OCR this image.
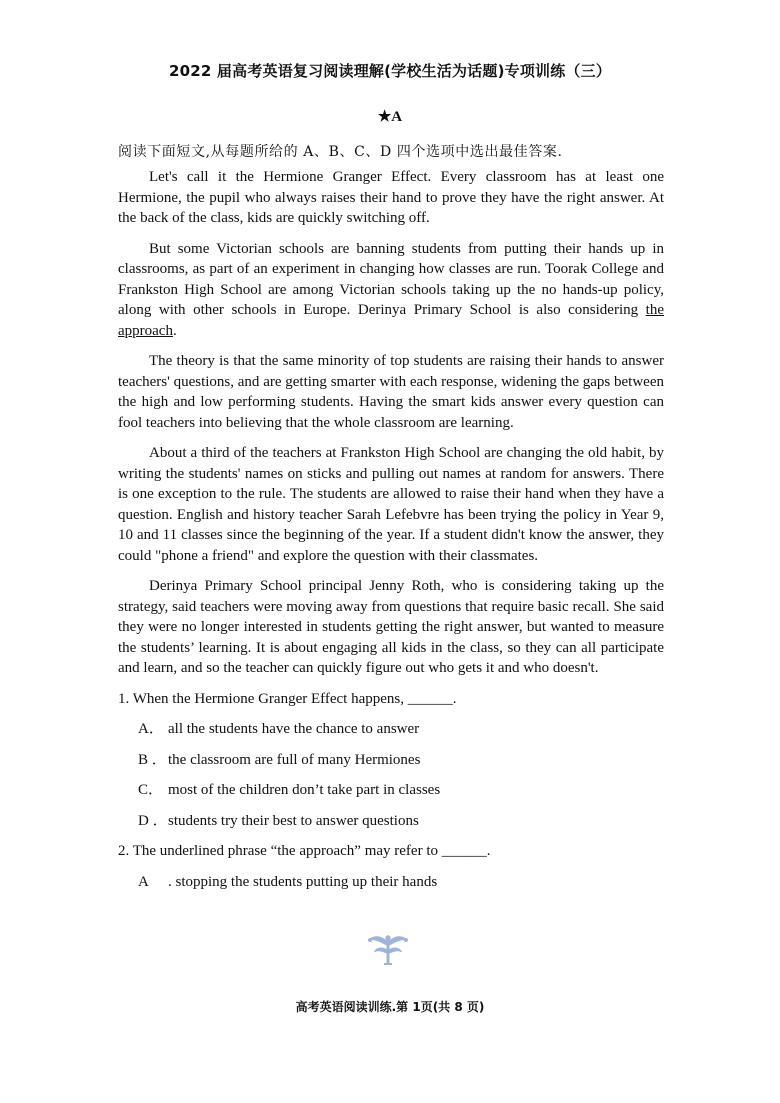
2022 届高考英语复习阅读理解(学校生活为话题)专项训练（三）
★A

阅读下面短文,从每题所给的 A、B、C、D 四个选项中选出最佳答案.

Let's call it the Hermione Granger Effect. Every classroom has at least one Hermione, the pupil who always raises their hand to prove they have the right answer. At the back of the class, kids are quickly switching off.

But some Victorian schools are banning students from putting their hands up in classrooms, as part of an experiment in changing how classes are run. Toorak College and Frankston High School are among Victorian schools taking up the no hands-up policy, along with other schools in Europe. Derinya Primary School is also considering the approach.

The theory is that the same minority of top students are raising their hands to answer teachers' questions, and are getting smarter with each response, widening the gaps between the high and low performing students. Having the smart kids answer every question can fool teachers into believing that the whole classroom are learning.

About a third of the teachers at Frankston High School are changing the old habit, by writing the students' names on sticks and pulling out names at random for answers. There is one exception to the rule. The students are allowed to raise their hand when they have a question. English and history teacher Sarah Lefebvre has been trying the policy in Year 9, 10 and 11 classes since the beginning of the year. If a student didn't know the answer, they could "phone a friend" and explore the question with their classmates.

Derinya Primary School principal Jenny Roth, who is considering taking up the strategy, said teachers were moving away from questions that require basic recall. She said they were no longer interested in students getting the right answer, but wanted to measure the students’ learning. It is about engaging all kids in the class, so they can all participate and learn, and so the teacher can quickly figure out who gets it and who doesn't.

1. When the Hermione Granger Effect happens, ______.

A． all the students have the chance to answer

B ．the classroom are full of many Hermiones

C． most of the children don’t take part in classes

D ．students try their best to answer questions

2. The underlined phrase “the approach” may refer to ______.

A. stopping the students putting up their hands

高考英语阅读训练.第 1页(共 8 页)
